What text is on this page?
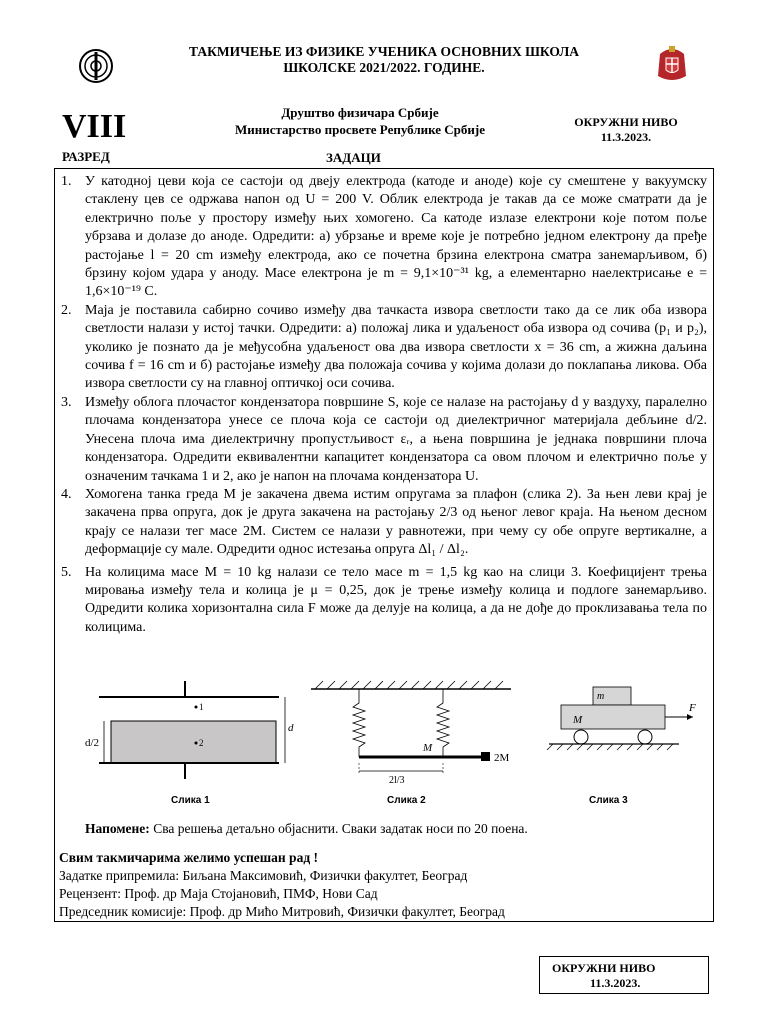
ТАКМИЧЕЊЕ ИЗ ФИЗИКЕ УЧЕНИКА ОСНОВНИХ ШКОЛА
ШКОЛСКЕ 2021/2022. ГОДИНЕ.
Друштво физичара Србије
Министарство просвете Републике Србије
VIII
РАЗРЕД	ЗАДАЦИ
ОКРУЖНИ НИВО
11.3.2023.
1. У катодној цеви која се састоји од двеју електрода (катоде и аноде) које су смештене у вакуумску стаклену цев се одржава напон од U = 200 V. Облик електрода је такав да се може сматрати да је електрично поље у простору између њих хомогено. Са катоде излазе електрони које потом поље убрзава и долазе до аноде. Одредити: а) убрзање и време које је потребно једном електрону да пређе растојање l = 20 cm између електрода, ако се почетна брзина електрона сматра занемарљивом, б) брзину којом удара у аноду. Масе електрона је m = 9,1×10⁻³¹ kg, а елементарно наелектрисање e = 1,6×10⁻¹⁹ C.
2. Маја је поставила сабирно сочиво између два тачкаста извора светлости тако да се лик оба извора светлости налази у истој тачки. Одредити: а) положај лика и удаљеност оба извора од сочива (p₁ и p₂), уколико је познато да је међусобна удаљеност ова два извора светлости x = 36 cm, а жижна даљина сочива f = 16 cm и б) растојање између два положаја сочива у којима долази до поклапања ликова. Оба извора светлости су на главној оптичкој оси сочива.
3. Између облога плочастог кондензатора површине S, које се налазе на растојању d у ваздуху, паралелно плочама кондензатора унесе се плоча која се састоји од диелектричног материјала дебљине d/2. Унесена плоча има диелектричну пропустљивост εᵣ, а њена површина је једнака површини плоча кондензатора. Одредити еквивалентни капацитет кондензатора са овом плочом и електрично поље у означеним тачкама 1 и 2, ако је напон на плочама кондензатора U.
4. Хомогена танка греда M је закачена двема истим опругама за плафон (слика 2). За њен леви крај је закачена прва опруга, док је друга закачена на растојању 2/3 од њеног левог краја. На њеном десном крају се налази тег масе 2M. Систем се налази у равнотежи, при чему су обе опруге вертикалне, а деформације су мале. Одредити однос истезања опруга Δl₁ / Δl₂.
5. На колицима масе M = 10 kg налази се тело масе m = 1,5 kg као на слици 3. Коефицијент трења мировања између тела и колица је μ = 0,25, док је трење између колица и подлоге занемарљиво. Одредити колика хоризонтална сила F може да делује на колица, а да не дође до проклизавања тела по колицима.
1
2
d
d/2
Слика 1
M
2M
2l/3
Слика 2
m
M
F
Слика 3
Напомене: Сва решења детаљно објаснити. Сваки задатак носи по 20 поена.
Свим такмичарима желимо успешан рад !
Задатке припремила: Биљана Максимовић, Физички факултет, Београд
Рецензент: Проф. др Маја Стојановић, ПМФ, Нови Сад
Председник комисије: Проф. др Мићо Митровић, Физички факултет, Београд
ОКРУЖНИ НИВО
11.3.2023.
